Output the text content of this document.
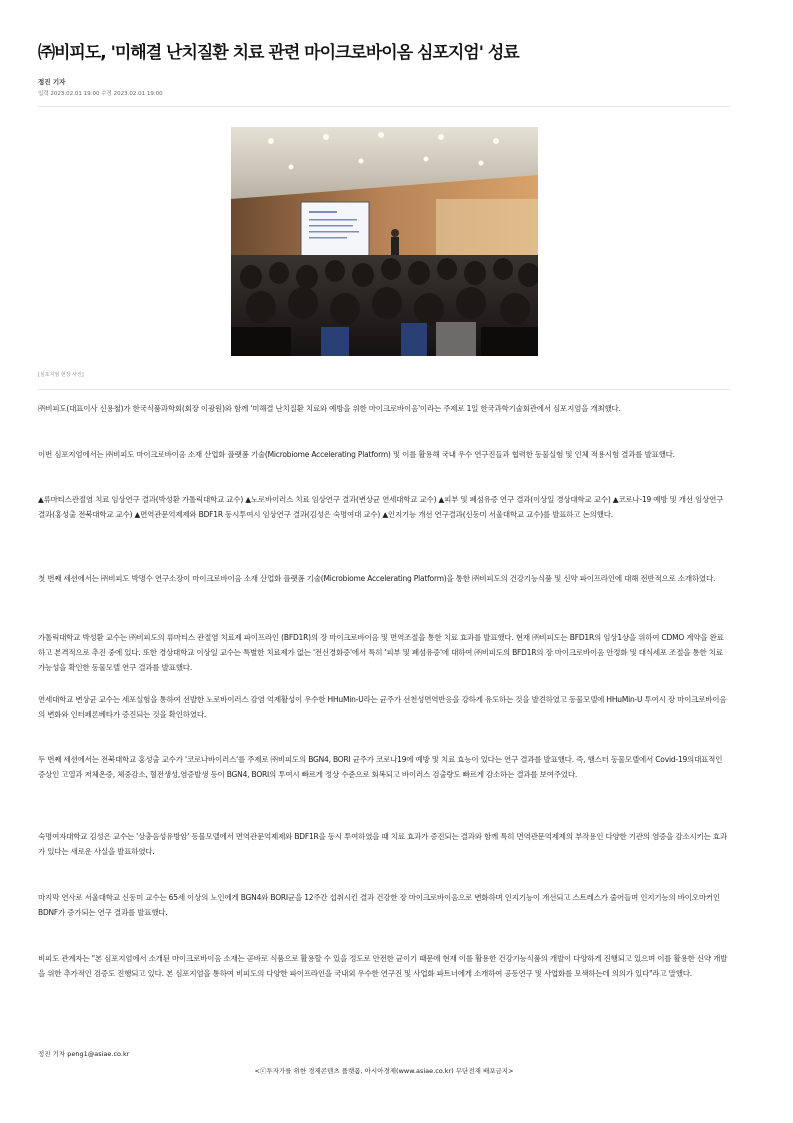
㈜비피도, '미해결 난치질환 치료 관련 마이크로바이옴 심포지엄' 성료
정진 기자
입력 2023.02.01 19:00 수정 2023.02.01 19:00
[심포지엄 현장 사진]

㈜비피도(대표이사 신용철)가 한국식품과학회(회장 이광원)와 함께 '미해결 난치질환 치료와 예방을 위한 마이크로바이옴'이라는 주제로 1일 한국과학기술회관에서 심포지엄을 개최했다.

이번 심포지엄에서는 ㈜비피도 마이크로바이옴 소재 산업화 플랫폼 기술(Microbiome Accelerating Platform) 및 이를 활용해 국내 우수 연구진들과 협력한 동물실험 및 인체 적용시험 결과를 발표했다.

▲류마티스관절염 치료 임상연구 결과(박성환 가톨릭대학교 교수) ▲노로바이러스 치료 임상연구 결과(변상균 연세대학교 교수) ▲피부 및 폐섬유증 연구 결과(이상일 경상대학교 교수) ▲코로나-19 예방 및 개선 임상연구 결과(홍성출 전북대학교 교수) ▲면역관문억제제와 BDF1R 동시투여시 임상연구 결과(김성은 숙명여대 교수) ▲인지기능 개선 연구결과(신동미 서울대학교 교수)를 발표하고 논의했다.

첫 번째 세션에서는 ㈜비피도 박명수 연구소장이 마이크로바이옴 소재 산업화 플랫폼 기술(Microbiome Accelerating Platform)을 통한 ㈜비피도의 건강기능식품 및 신약 파이프라인에 대해 전반적으로 소개하였다.

가톨릭대학교 박성환 교수는 ㈜비피도의 류마티스 관절염 치료제 파이프라인 (BFD1R)의 장 마이크로바이옴 및 면역조절을 통한 치료 효과를 발표했다. 현재 ㈜비피도는 BFD1R의 임상1상을 위하여 CDMO 계약을 완료하고 본격적으로 추진 중에 있다. 또한 경상대학교 이상일 교수는 특별한 치료제가 없는 '전신경화증'에서 특히 '피부 및 폐섬유증'에 대하여 ㈜비피도의 BFD1R의 장 마이크로바이옴 안정화 및 대식세포 조절을 통한 치료 가능성을 확인한 동물모델 연구 결과를 발표했다.

연세대학교 변상균 교수는 세포실험을 통하여 선발한 노로바이러스 감염 억제활성이 우수한 HHuMin-U라는 균주가 선천성면역반응을 강하게 유도하는 것을 발견하였고 동물모델에 HHuMin-U 투여시 장 마이크로바이옴의 변화와 인터페론베타가 증진되는 것을 확인하였다.

두 번째 세션에서는 전북대학교 홍성출 교수가 '코로나바이러스'를 주제로 ㈜비피도의 BGN4, BORI 균주가 코로나19에 예방 및 치료 효능이 있다는 연구 결과를 발표했다. 즉, 햄스터 동물모델에서 Covid-19의대표적인 증상인 고열과 저체온증, 체중감소, 혈전생성,염증발생 등이 BGN4, BORI의 투여시 빠르게 정상 수준으로 회복되고 바이러스 검출량도 빠르게 감소하는 결과를 보여주었다.

숙명여자대학교 김성은 교수는 '상충음성유방암' 동물모델에서 면역관문억제제와 BDF1R을 동시 투여하였을 때 치료 효과가 증진되는 결과와 함께 특히 면역관문억제제의 부작용인 다양한 기관의 염증을 감소시키는 효과가 있다는 새로운 사실을 발표하였다.

마지막 연사로 서울대학교 신동미 교수는 65세 이상의 노인에게 BGN4와 BORI균을 12주간 섭취시킨 결과 건강한 장 마이크로바이옴으로 변화하며 인지기능이 개선되고 스트레스가 줄어들며 인지기능의 바이오마커인 BDNF가 증가되는 연구 결과를 발표했다.

비피도 관계자는 "본 심포지엄에서 소개된 마이크로바이옴 소재는 곧바로 식품으로 활용할 수 있을 정도로 안전한 균이기 때문에 현재 이를 활용한 건강기능식품의 개발이 다양하게 진행되고 있으며 이를 활용한 신약 개발을 위한 추가적인 검증도 진행되고 있다. 본 심포지엄을 통하여 비피도의 다양한 파이프라인을 국내외 우수한 연구진 및 사업화 파트너에게 소개하여 공동연구 및 사업화를 모색하는데 의의가 있다"라고 말했다.

정진 기자 peng1@asiae.co.kr
<ⓒ투자가를 위한 경제콘텐츠 플랫폼, 아시아경제(www.asiae.co.kr) 무단전재 배포금지>
